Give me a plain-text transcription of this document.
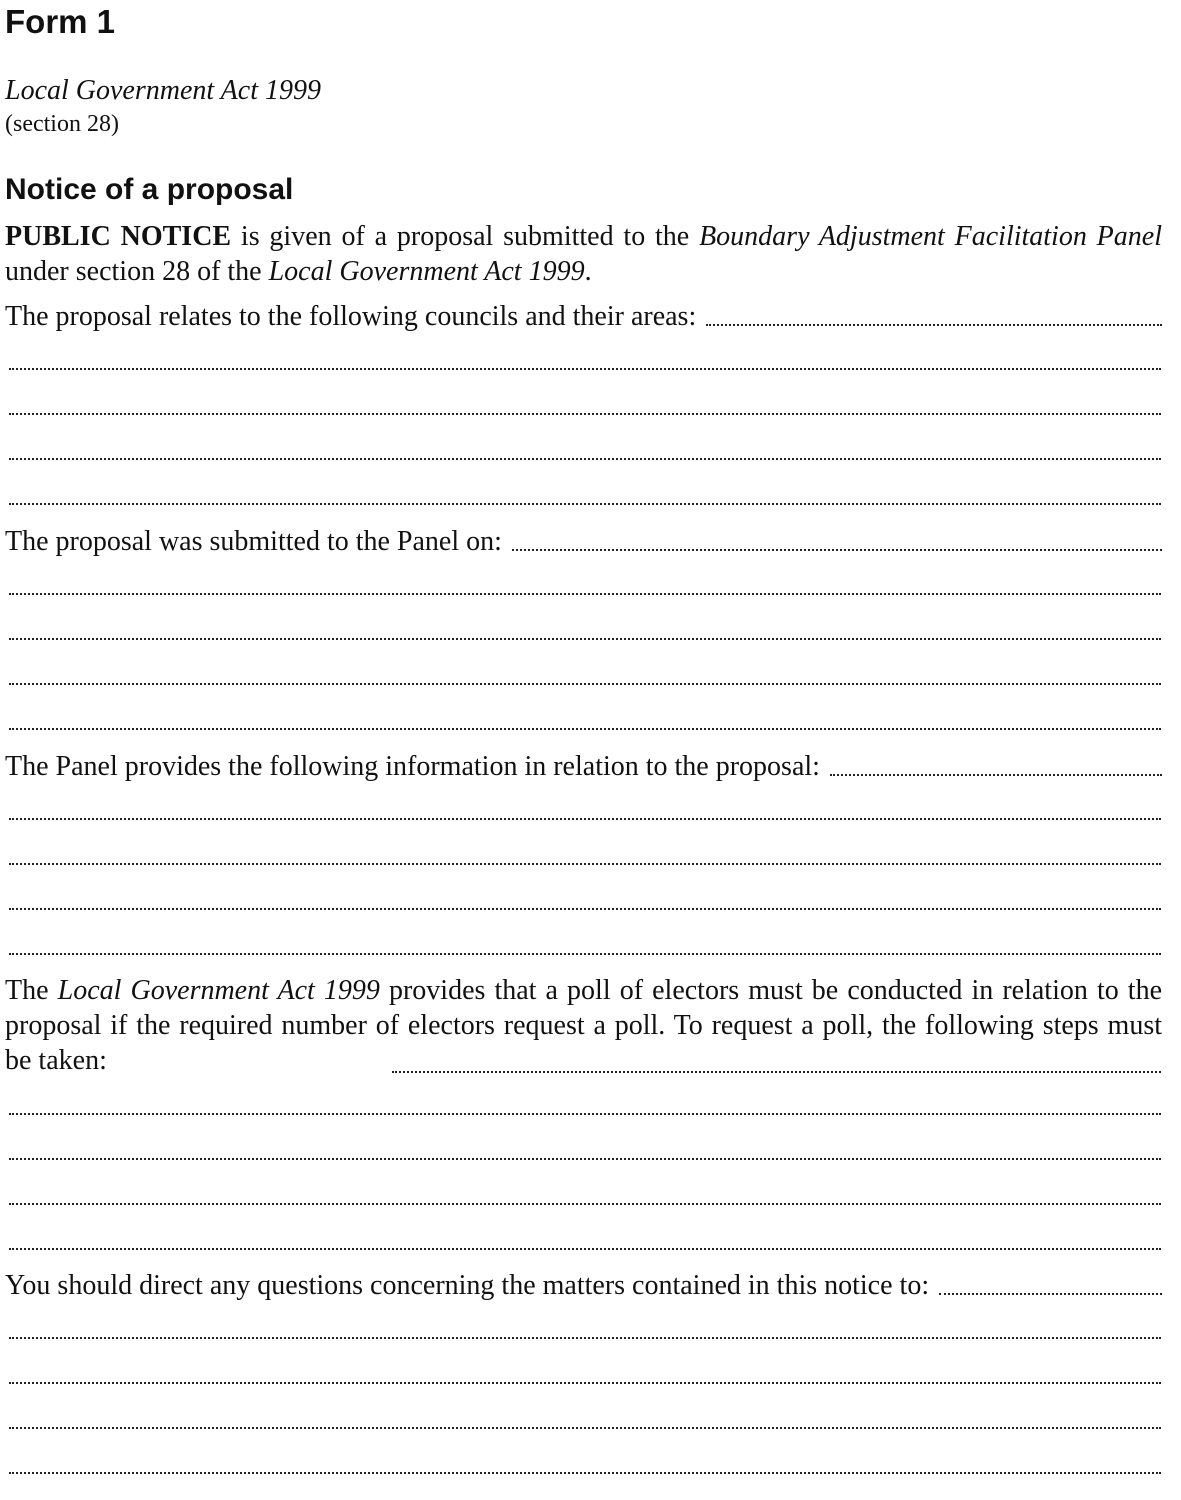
Form 1
Local Government Act 1999
(section 28)
Notice of a proposal
PUBLIC NOTICE is given of a proposal submitted to the Boundary Adjustment Facilitation Panel under section 28 of the Local Government Act 1999.
The proposal relates to the following councils and their areas:
The proposal was submitted to the Panel on:
The Panel provides the following information in relation to the proposal:
The Local Government Act 1999 provides that a poll of electors must be conducted in relation to the proposal if the required number of electors request a poll. To request a poll, the following steps must be taken:
You should direct any questions concerning the matters contained in this notice to:
